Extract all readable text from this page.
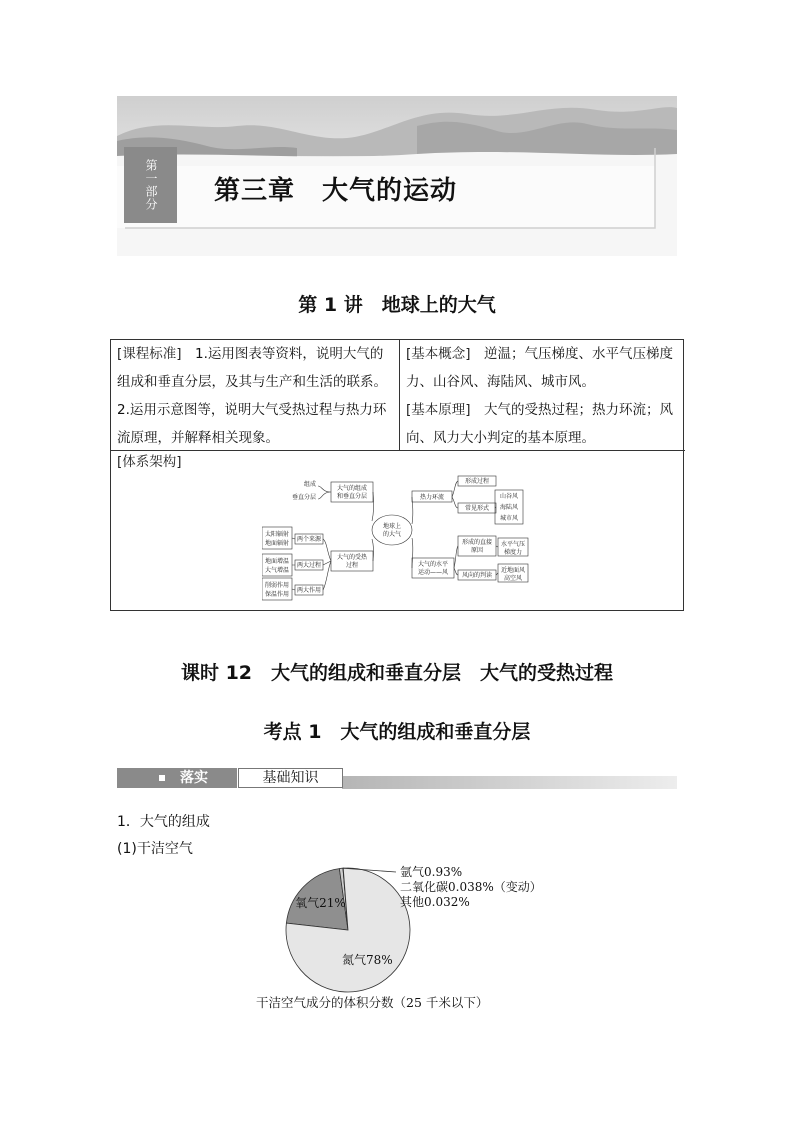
第一部分 第三章　大气的运动
第 1 讲　地球上的大气
[课程标准]　 1.运用图表等资料，说明大气的
组成和垂直分层，及其与生产和生活的联系。
2.运用示意图等，说明大气受热过程与热力环
流原理，并解释相关现象。
[基本概念]　 逆温；气压梯度、水平气压梯度
力、山谷风、海陆风、城市风。
[基本原理]　 大气的受热过程；热力环流；风
向、风力大小判定的基本原理。
[体系架构]
地球上
的大气
大气的组成
和垂直分层
组成
垂直分层
大气的受热
过程
两个来源
太阳辐射
地面辐射
两大过程
地面增温
大气增温
两大作用
削弱作用
保温作用
热力环流
形成过程
常见形式
山谷风
海陆风
城市风
大气的水平
运动——风
形成的直接
原因
水平气压
梯度力
风向的判读
近地面风
高空风
课时 12　大气的组成和垂直分层　大气的受热过程
考点 1　大气的组成和垂直分层
落实	基础知识
1．大气的组成
(1)干洁空气
氮气78%
氧气21%
氩气0.93%
二氧化碳0.038%（变动）
其他0.032%
干洁空气成分的体积分数（25 千米以下）
